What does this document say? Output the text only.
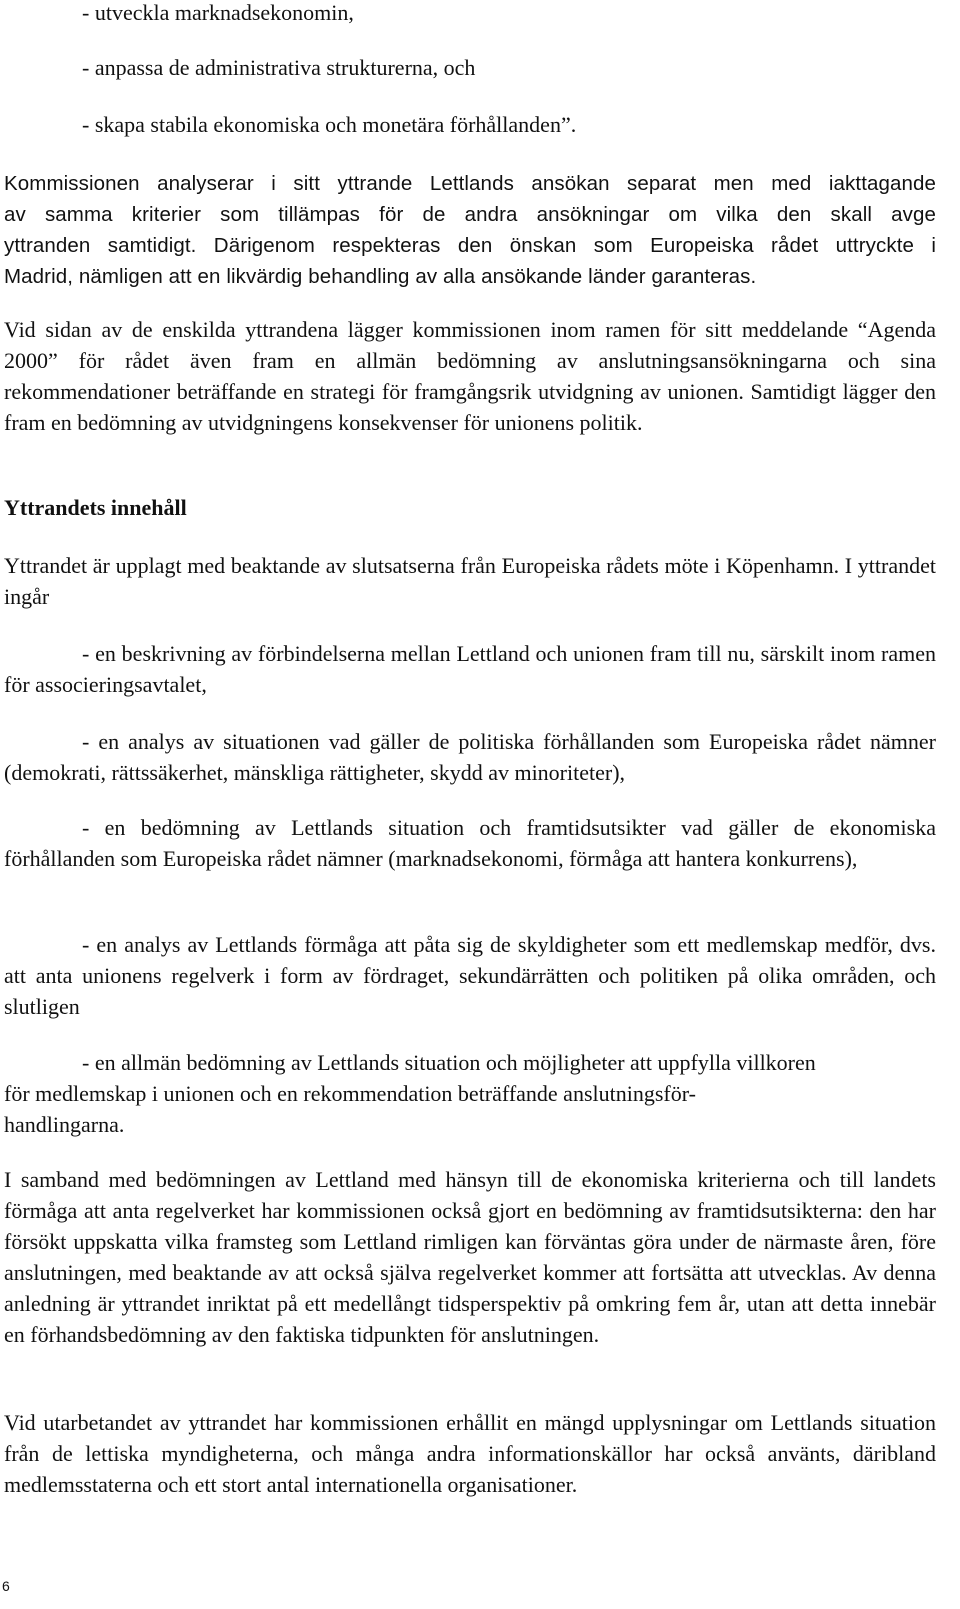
- utveckla marknadsekonomin,
- anpassa de administrativa strukturerna, och
- skapa stabila ekonomiska och monetära förhållanden”.

Kommissionen analyserar i sitt yttrande Lettlands ansökan separat men med iakttagande
av samma kriterier som tillämpas för de andra ansökningar om vilka den skall avge
yttranden samtidigt. Därigenom respekteras den önskan som Europeiska rådet uttryckte i
Madrid, nämligen att en likvärdig behandling av alla ansökande länder garanteras.

Vid sidan av de enskilda yttrandena lägger kommissionen inom ramen för sitt meddelande “Agenda 2000” för rådet även fram en allmän bedömning av anslutningsansökningarna och sina rekommendationer beträffande en strategi för framgångsrik utvidgning av unionen. Samtidigt lägger den fram en bedömning av utvidgningens konsekvenser för unionens politik.

Yttrandets innehåll

Yttrandet är upplagt med beaktande av slutsatserna från Europeiska rådets möte i Köpenhamn. I yttrandet ingår

- en beskrivning av förbindelserna mellan Lettland och unionen fram till nu, särskilt inom ramen för associeringsavtalet,

- en analys av situationen vad gäller de politiska förhållanden som Europeiska rådet nämner (demokrati, rättssäkerhet, mänskliga rättigheter, skydd av minoriteter),

- en bedömning av Lettlands situation och framtidsutsikter vad gäller de ekonomiska förhållanden som Europeiska rådet nämner (marknadsekonomi, förmåga att hantera konkurrens),

- en analys av Lettlands förmåga att påta sig de skyldigheter som ett medlemskap medför, dvs. att anta unionens regelverk i form av fördraget, sekundärrätten och politiken på olika områden, och slutligen

- en allmän bedömning av Lettlands situation och möjligheter att uppfylla villkoren
för medlemskap i unionen och en rekommendation beträffande anslutningsför-
handlingarna.

I samband med bedömningen av Lettland med hänsyn till de ekonomiska kriterierna och till landets förmåga att anta regelverket har kommissionen också gjort en bedömning av framtidsutsikterna: den har försökt uppskatta vilka framsteg som Lettland rimligen kan förväntas göra under de närmaste åren, före anslutningen, med beaktande av att också själva regelverket kommer att fortsätta att utvecklas. Av denna anledning är yttrandet inriktat på ett medellångt tidsperspektiv på omkring fem år, utan att detta innebär en förhandsbedömning av den faktiska tidpunkten för anslutningen.

Vid utarbetandet av yttrandet har kommissionen erhållit en mängd upplysningar om Lettlands situation från de lettiska myndigheterna, och många andra informationskällor har också använts, däribland medlemsstaterna och ett stort antal internationella organisationer.

6
